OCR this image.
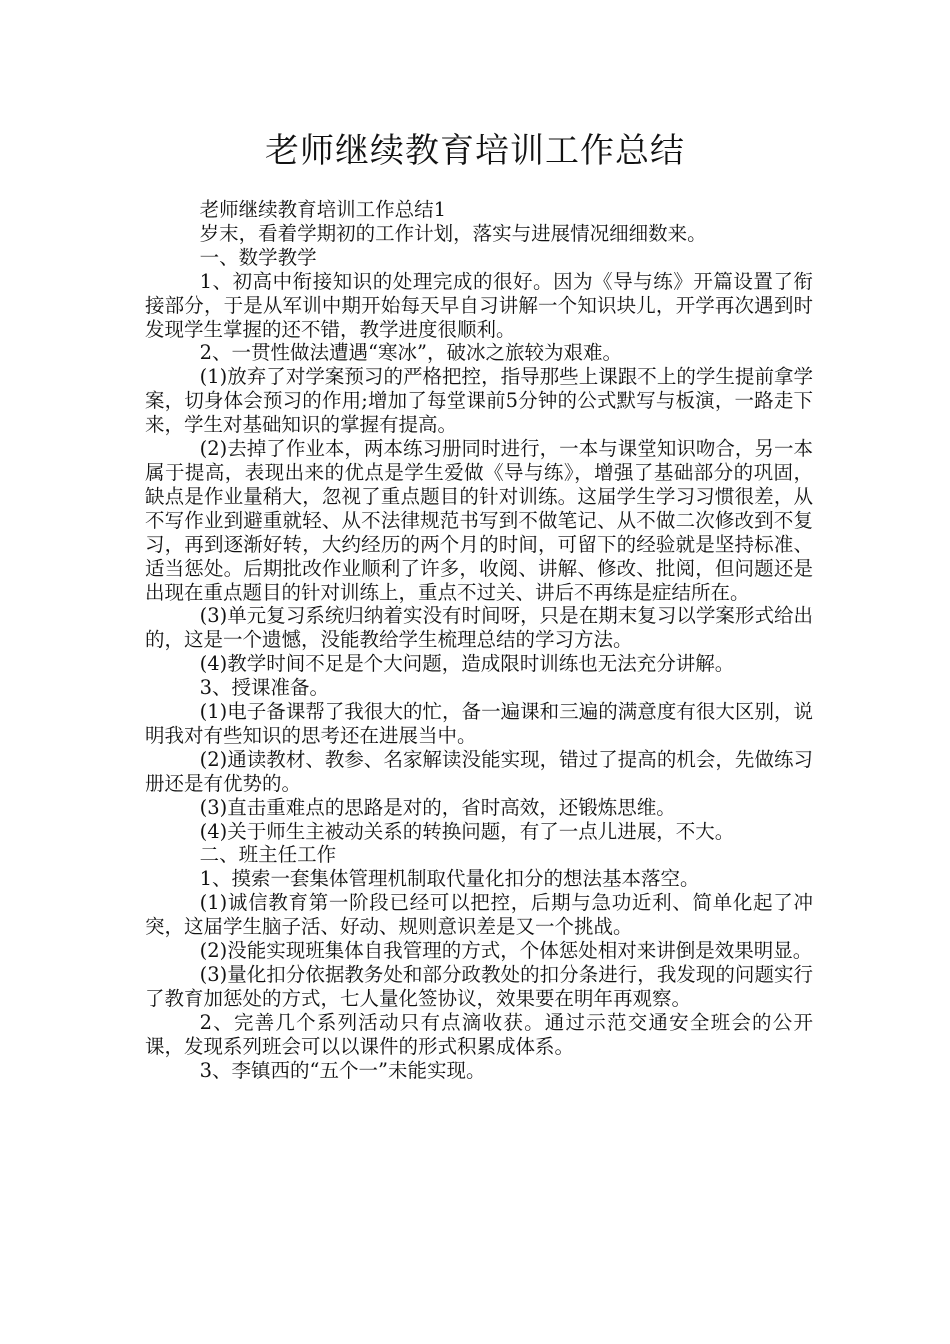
老师继续教育培训工作总结

老师继续教育培训工作总结1

岁末，看着学期初的工作计划，落实与进展情况细细数来。

一、数学教学

1、初高中衔接知识的处理完成的很好。因为《导与练》开篇设置了衔接部分，于是从军训中期开始每天早自习讲解一个知识块儿，开学再次遇到时发现学生掌握的还不错，教学进度很顺利。

2、一贯性做法遭遇“寒冰”，破冰之旅较为艰难。

(1)放弃了对学案预习的严格把控，指导那些上课跟不上的学生提前拿学案，切身体会预习的作用;增加了每堂课前5分钟的公式默写与板演，一路走下来，学生对基础知识的掌握有提高。

(2)去掉了作业本，两本练习册同时进行，一本与课堂知识吻合，另一本属于提高，表现出来的优点是学生爱做《导与练》，增强了基础部分的巩固，缺点是作业量稍大，忽视了重点题目的针对训练。这届学生学习习惯很差，从不写作业到避重就轻、从不法律规范书写到不做笔记、从不做二次修改到不复习，再到逐渐好转，大约经历的两个月的时间，可留下的经验就是坚持标准、适当惩处。后期批改作业顺利了许多，收阅、讲解、修改、批阅，但问题还是出现在重点题目的针对训练上，重点不过关、讲后不再练是症结所在。

(3)单元复习系统归纳着实没有时间呀，只是在期末复习以学案形式给出的，这是一个遗憾，没能教给学生梳理总结的学习方法。

(4)教学时间不足是个大问题，造成限时训练也无法充分讲解。

3、授课准备。

(1)电子备课帮了我很大的忙，备一遍课和三遍的满意度有很大区别，说明我对有些知识的思考还在进展当中。

(2)通读教材、教参、名家解读没能实现，错过了提高的机会，先做练习册还是有优势的。

(3)直击重难点的思路是对的，省时高效，还锻炼思维。

(4)关于师生主被动关系的转换问题，有了一点儿进展，不大。

二、班主任工作

1、摸索一套集体管理机制取代量化扣分的想法基本落空。

(1)诚信教育第一阶段已经可以把控，后期与急功近利、简单化起了冲突，这届学生脑子活、好动、规则意识差是又一个挑战。

(2)没能实现班集体自我管理的方式，个体惩处相对来讲倒是效果明显。

(3)量化扣分依据教务处和部分政教处的扣分条进行，我发现的问题实行了教育加惩处的方式，七人量化签协议，效果要在明年再观察。

2、完善几个系列活动只有点滴收获。通过示范交通安全班会的公开课，发现系列班会可以以课件的形式积累成体系。

3、李镇西的“五个一”未能实现。
